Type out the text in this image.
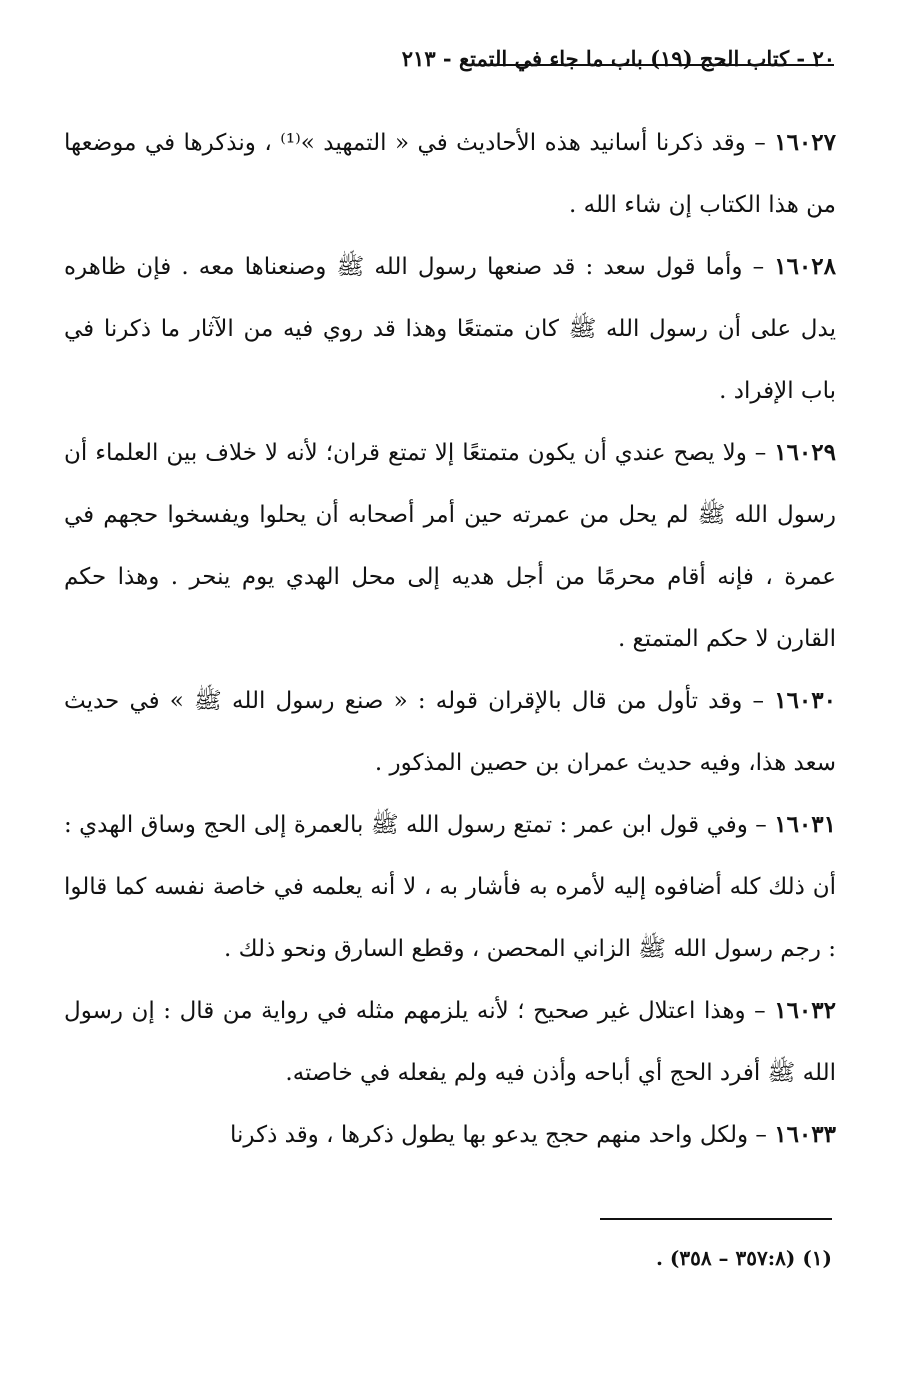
٢٠ - كتاب الحج (١٩) باب ما جاء في التمتع - ٢١٣

١٦٠٢٧ – وقد ذكرنا أسانيد هذه الأحاديث في « التمهيد »⁽¹⁾ ، ونذكرها في موضعها من هذا الكتاب إن شاء الله .

١٦٠٢٨ – وأما قول سعد : قد صنعها رسول الله ﷺ وصنعناها معه . فإن ظاهره يدل على أن رسول الله ﷺ كان متمتعًا وهذا قد روي فيه من الآثار ما ذكرنا في باب الإفراد .

١٦٠٢٩ – ولا يصح عندي أن يكون متمتعًا إلا تمتع قران؛ لأنه لا خلاف بين العلماء أن رسول الله ﷺ لم يحل من عمرته حين أمر أصحابه أن يحلوا ويفسخوا حجهم في عمرة ، فإنه أقام محرمًا من أجل هديه إلى محل الهدي يوم ينحر . وهذا حكم القارن لا حكم المتمتع .

١٦٠٣٠ – وقد تأول من قال بالإقران قوله : « صنع رسول الله ﷺ » في حديث سعد هذا، وفيه حديث عمران بن حصين المذكور .

١٦٠٣١ – وفي قول ابن عمر : تمتع رسول الله ﷺ بالعمرة إلى الحج وساق الهدي : أن ذلك كله أضافوه إليه لأمره به فأشار به ، لا أنه يعلمه في خاصة نفسه كما قالوا : رجم رسول الله ﷺ الزاني المحصن ، وقطع السارق ونحو ذلك .

١٦٠٣٢ – وهذا اعتلال غير صحيح ؛ لأنه يلزمهم مثله في رواية من قال : إن رسول الله ﷺ أفرد الحج أي أباحه وأذن فيه ولم يفعله في خاصته.

١٦٠٣٣ – ولكل واحد منهم حجج يدعو بها يطول ذكرها ، وقد ذكرنا

(١) (٣٥٧:٨ – ٣٥٨) .
